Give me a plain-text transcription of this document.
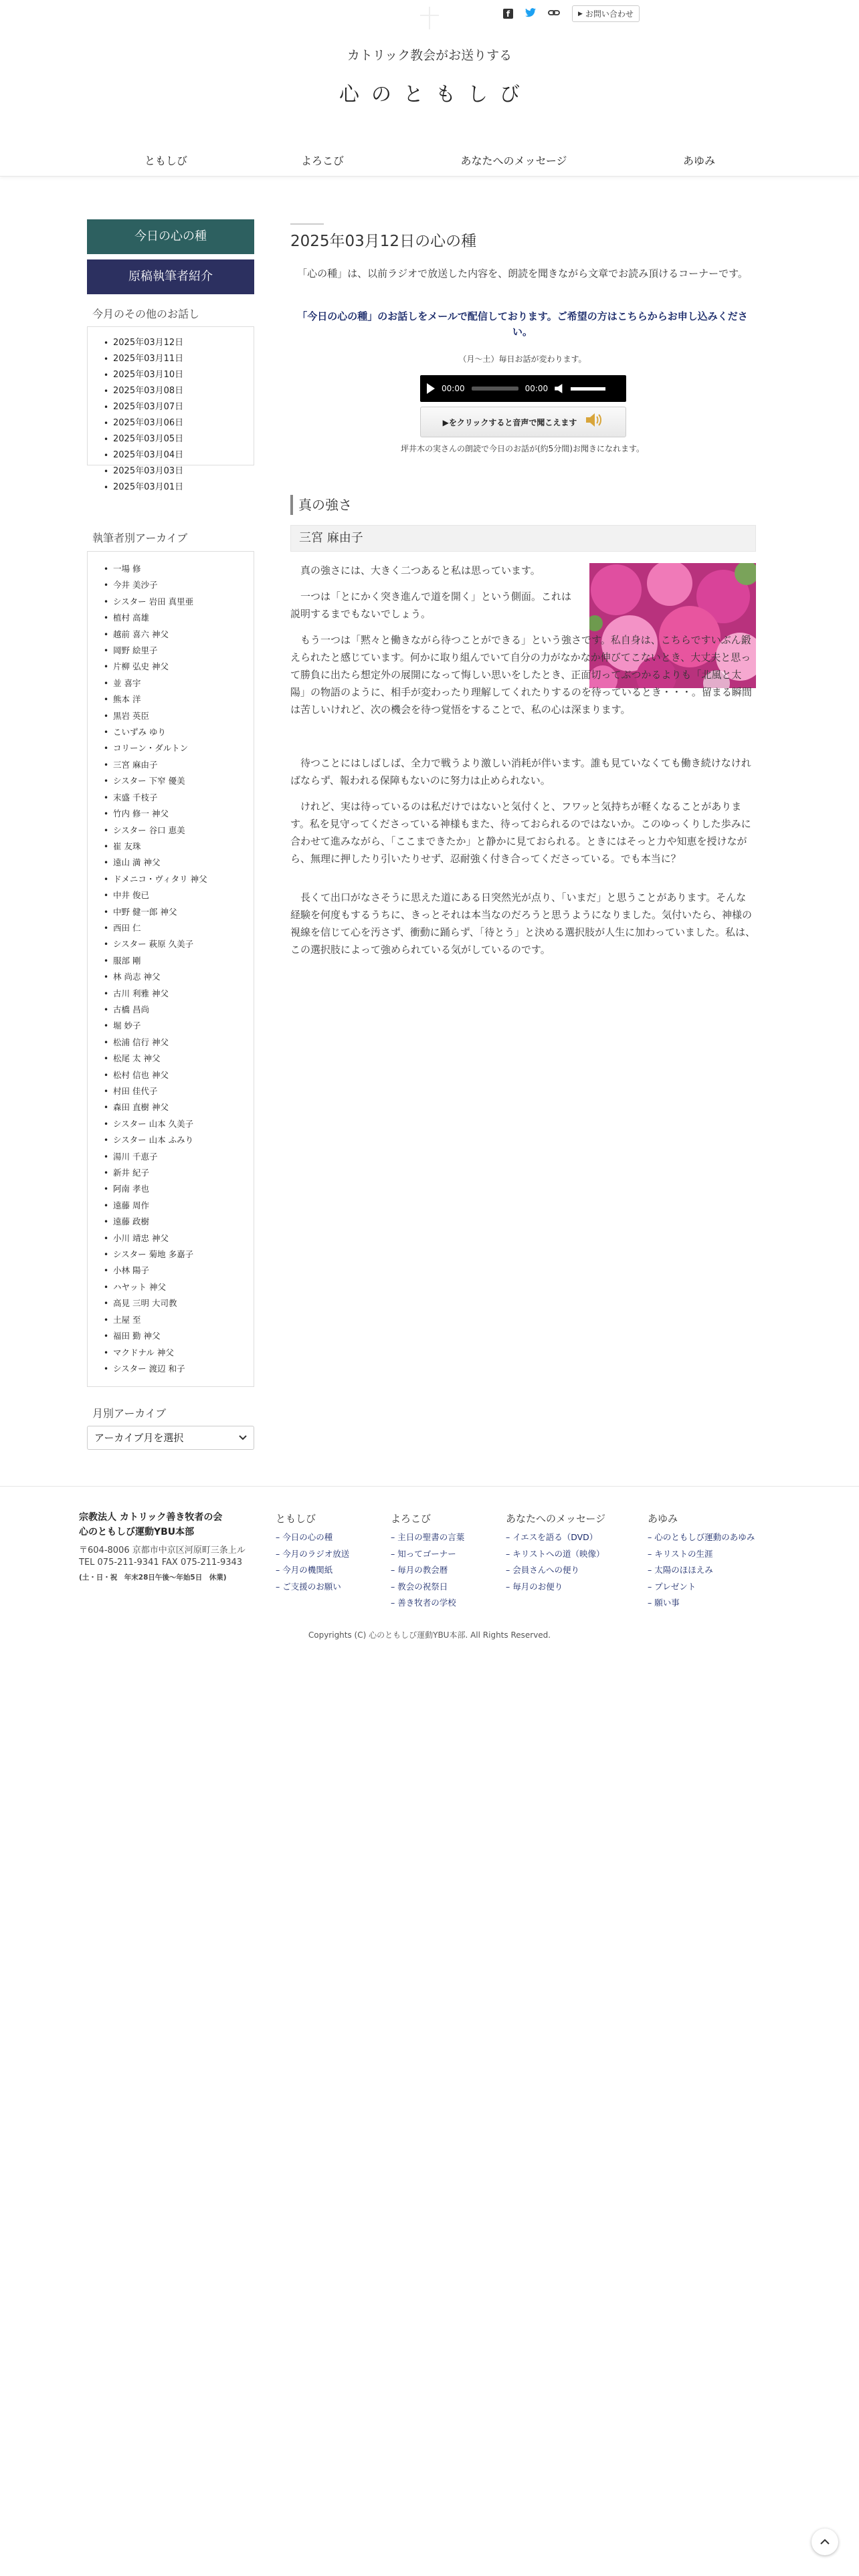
f	▶ お問い合わせ
カトリック教会がお送りする
心のともしび
ともしび	よろこび	あなたへのメッセージ	あゆみ
今日の心の種
原稿執筆者紹介
今月のその他のお話し
• 2025年03月12日
• 2025年03月11日
• 2025年03月10日
• 2025年03月08日
• 2025年03月07日
• 2025年03月06日
• 2025年03月05日
• 2025年03月04日
• 2025年03月03日
• 2025年03月01日
執筆者別アーカイブ
• 一場 修
• 今井 美沙子
• シスター 岩田 真里亜
• 植村 高雄
• 越前 喜六 神父
• 岡野 絵里子
• 片柳 弘史 神父
• 並 喜宇
• 熊本 洋
• 黒岩 英臣
• こいずみ ゆり
• コリーン・ダルトン
• 三宮 麻由子
• シスター 下窄 優美
• 末盛 千枝子
• 竹内 修一 神父
• シスター 谷口 恵美
• 崔 友珠
• 遠山 満 神父
• ドメニコ・ヴィタリ 神父
• 中井 俊已
• 中野 健一郎 神父
• 西田 仁
• シスター 萩原 久美子
• 服部 剛
• 林 尚志 神父
• 古川 利雅 神父
• 古橋 昌尚
• 堀 妙子
• 松浦 信行 神父
• 松尾 太 神父
• 松村 信也 神父
• 村田 佳代子
• 森田 直樹 神父
• シスター 山本 久美子
• シスター 山本 ふみり
• 湯川 千恵子
• 新井 紀子
• 阿南 孝也
• 遠藤 周作
• 遠藤 政樹
• 小川 靖忠 神父
• シスター 菊地 多嘉子
• 小林 陽子
• ハヤット 神父
• 高見 三明 大司教
• 土屋 至
• 福田 勤 神父
• マクドナル 神父
• シスター 渡辺 和子
月別アーカイブ
アーカイブ月を選択
2025年03月12日の心の種
「心の種」は、以前ラジオで放送した内容を、朗読を聞きながら文章でお読み頂けるコーナーです。
「今日の心の種」のお話しをメールで配信しております。ご希望の方はこちらからお申し込みください。
（月〜土）毎日お話が変わります。
00:00	00:00
▶をクリックすると音声で聞こえます
坪井木の実さんの朗読で今日のお話が(約5分間)お聞きになれます。
真の強さ
三宮 麻由子
真の強さには、大きく二つあると私は思っています。
一つは「とにかく突き進んで道を開く」という側面。これは説明するまでもないでしょう。
もう一つは「黙々と働きながら待つことができる」という強さです。私自身は、こちらですいぶん鍛えられたと感じています。何かに取り組んでいて自分の力がなかなか伸びてこないとき、大丈夫と思って勝負に出たら想定外の展開になって悔しい思いをしたとき、正面切ってぶつかるよりも「北風と太陽」の物語のように、相手が変わったり理解してくれたりするのを待っているとき・・・。留まる瞬間は苦しいけれど、次の機会を待つ覚悟をすることで、私の心は深まります。
待つことにはしばしば、全力で戦うより激しい消耗が伴います。誰も見ていなくても働き続けなければならず、報われる保障もないのに努力は止められない。
けれど、実は待っているのは私だけではないと気付くと、フワッと気持ちが軽くなることがあります。私を見守ってくださっている神様もまた、待っておられるのではないか。このゆっくりした歩みに合わせて進みながら、「ここまできたか」と静かに見ておられる。ときにはそっと力や知恵を授けながら、無理に押したり引いたりせず、忍耐強く付き合ってくださっている。でも本当に？
長くて出口がなさそうに思えた道にある日突然光が点り、「いまだ」と思うことがあります。そんな経験を何度もするうちに、きっとそれは本当なのだろうと思うようになりました。気付いたら、神様の視線を信じて心を汚さず、衝動に踊らず、「待とう」と決める選択肢が人生に加わっていました。私は、この選択肢によって強められている気がしているのです。
宗教法人 カトリック善き牧者の会
心のともしび運動YBU本部
〒604-8006 京都市中京区河原町三条上ル
TEL 075-211-9341 FAX 075-211-9343
(土・日・祝　年末28日午後〜年始5日　休業)
ともしび
– 今日の心の種
– 今月のラジオ放送
– 今月の機関紙
– ご支援のお願い
よろこび
– 主日の聖書の言葉
– 知ってゴーナー
– 毎月の教会暦
– 教会の祝祭日
– 善き牧者の学校
あなたへのメッセージ
– イエスを語る（DVD）
– キリストへの道（映像）
– 会員さんへの便り
– 毎月のお便り
あゆみ
– 心のともしび運動のあゆみ
– キリストの生涯
– 太陽のほほえみ
– プレゼント
– 願い事
Copyrights (C) 心のともしび運動YBU本部. All Rights Reserved.
